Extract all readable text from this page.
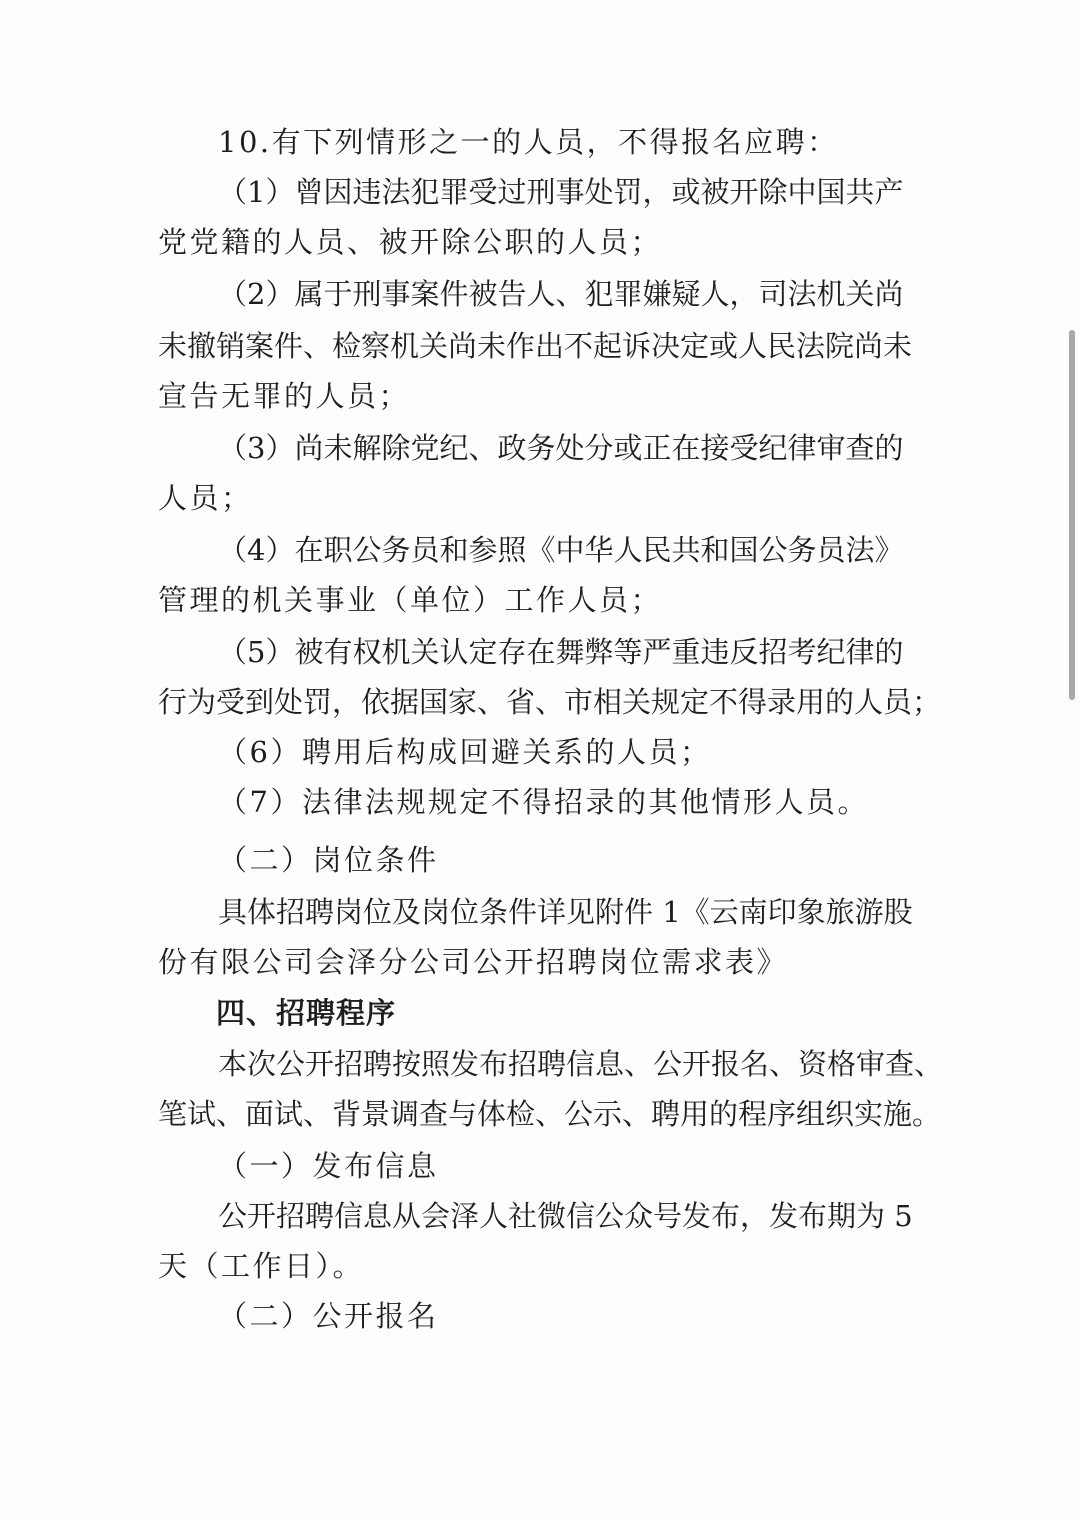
10.有下列情形之一的人员，不得报名应聘：
（1）曾因违法犯罪受过刑事处罚，或被开除中国共产
党党籍的人员、被开除公职的人员；
（2）属于刑事案件被告人、犯罪嫌疑人，司法机关尚
未撤销案件、检察机关尚未作出不起诉决定或人民法院尚未
宣告无罪的人员；
（3）尚未解除党纪、政务处分或正在接受纪律审查的
人员；
（4）在职公务员和参照《中华人民共和国公务员法》
管理的机关事业（单位）工作人员；
（5）被有权机关认定存在舞弊等严重违反招考纪律的
行为受到处罚，依据国家、省、市相关规定不得录用的人员；
（6）聘用后构成回避关系的人员；
（7）法律法规规定不得招录的其他情形人员。
（二）岗位条件
具体招聘岗位及岗位条件详见附件 1《云南印象旅游股
份有限公司会泽分公司公开招聘岗位需求表》
四、招聘程序
本次公开招聘按照发布招聘信息、公开报名、资格审查、
笔试、面试、背景调查与体检、公示、聘用的程序组织实施。
（一）发布信息
公开招聘信息从会泽人社微信公众号发布，发布期为 5
天（工作日）。
（二）公开报名
